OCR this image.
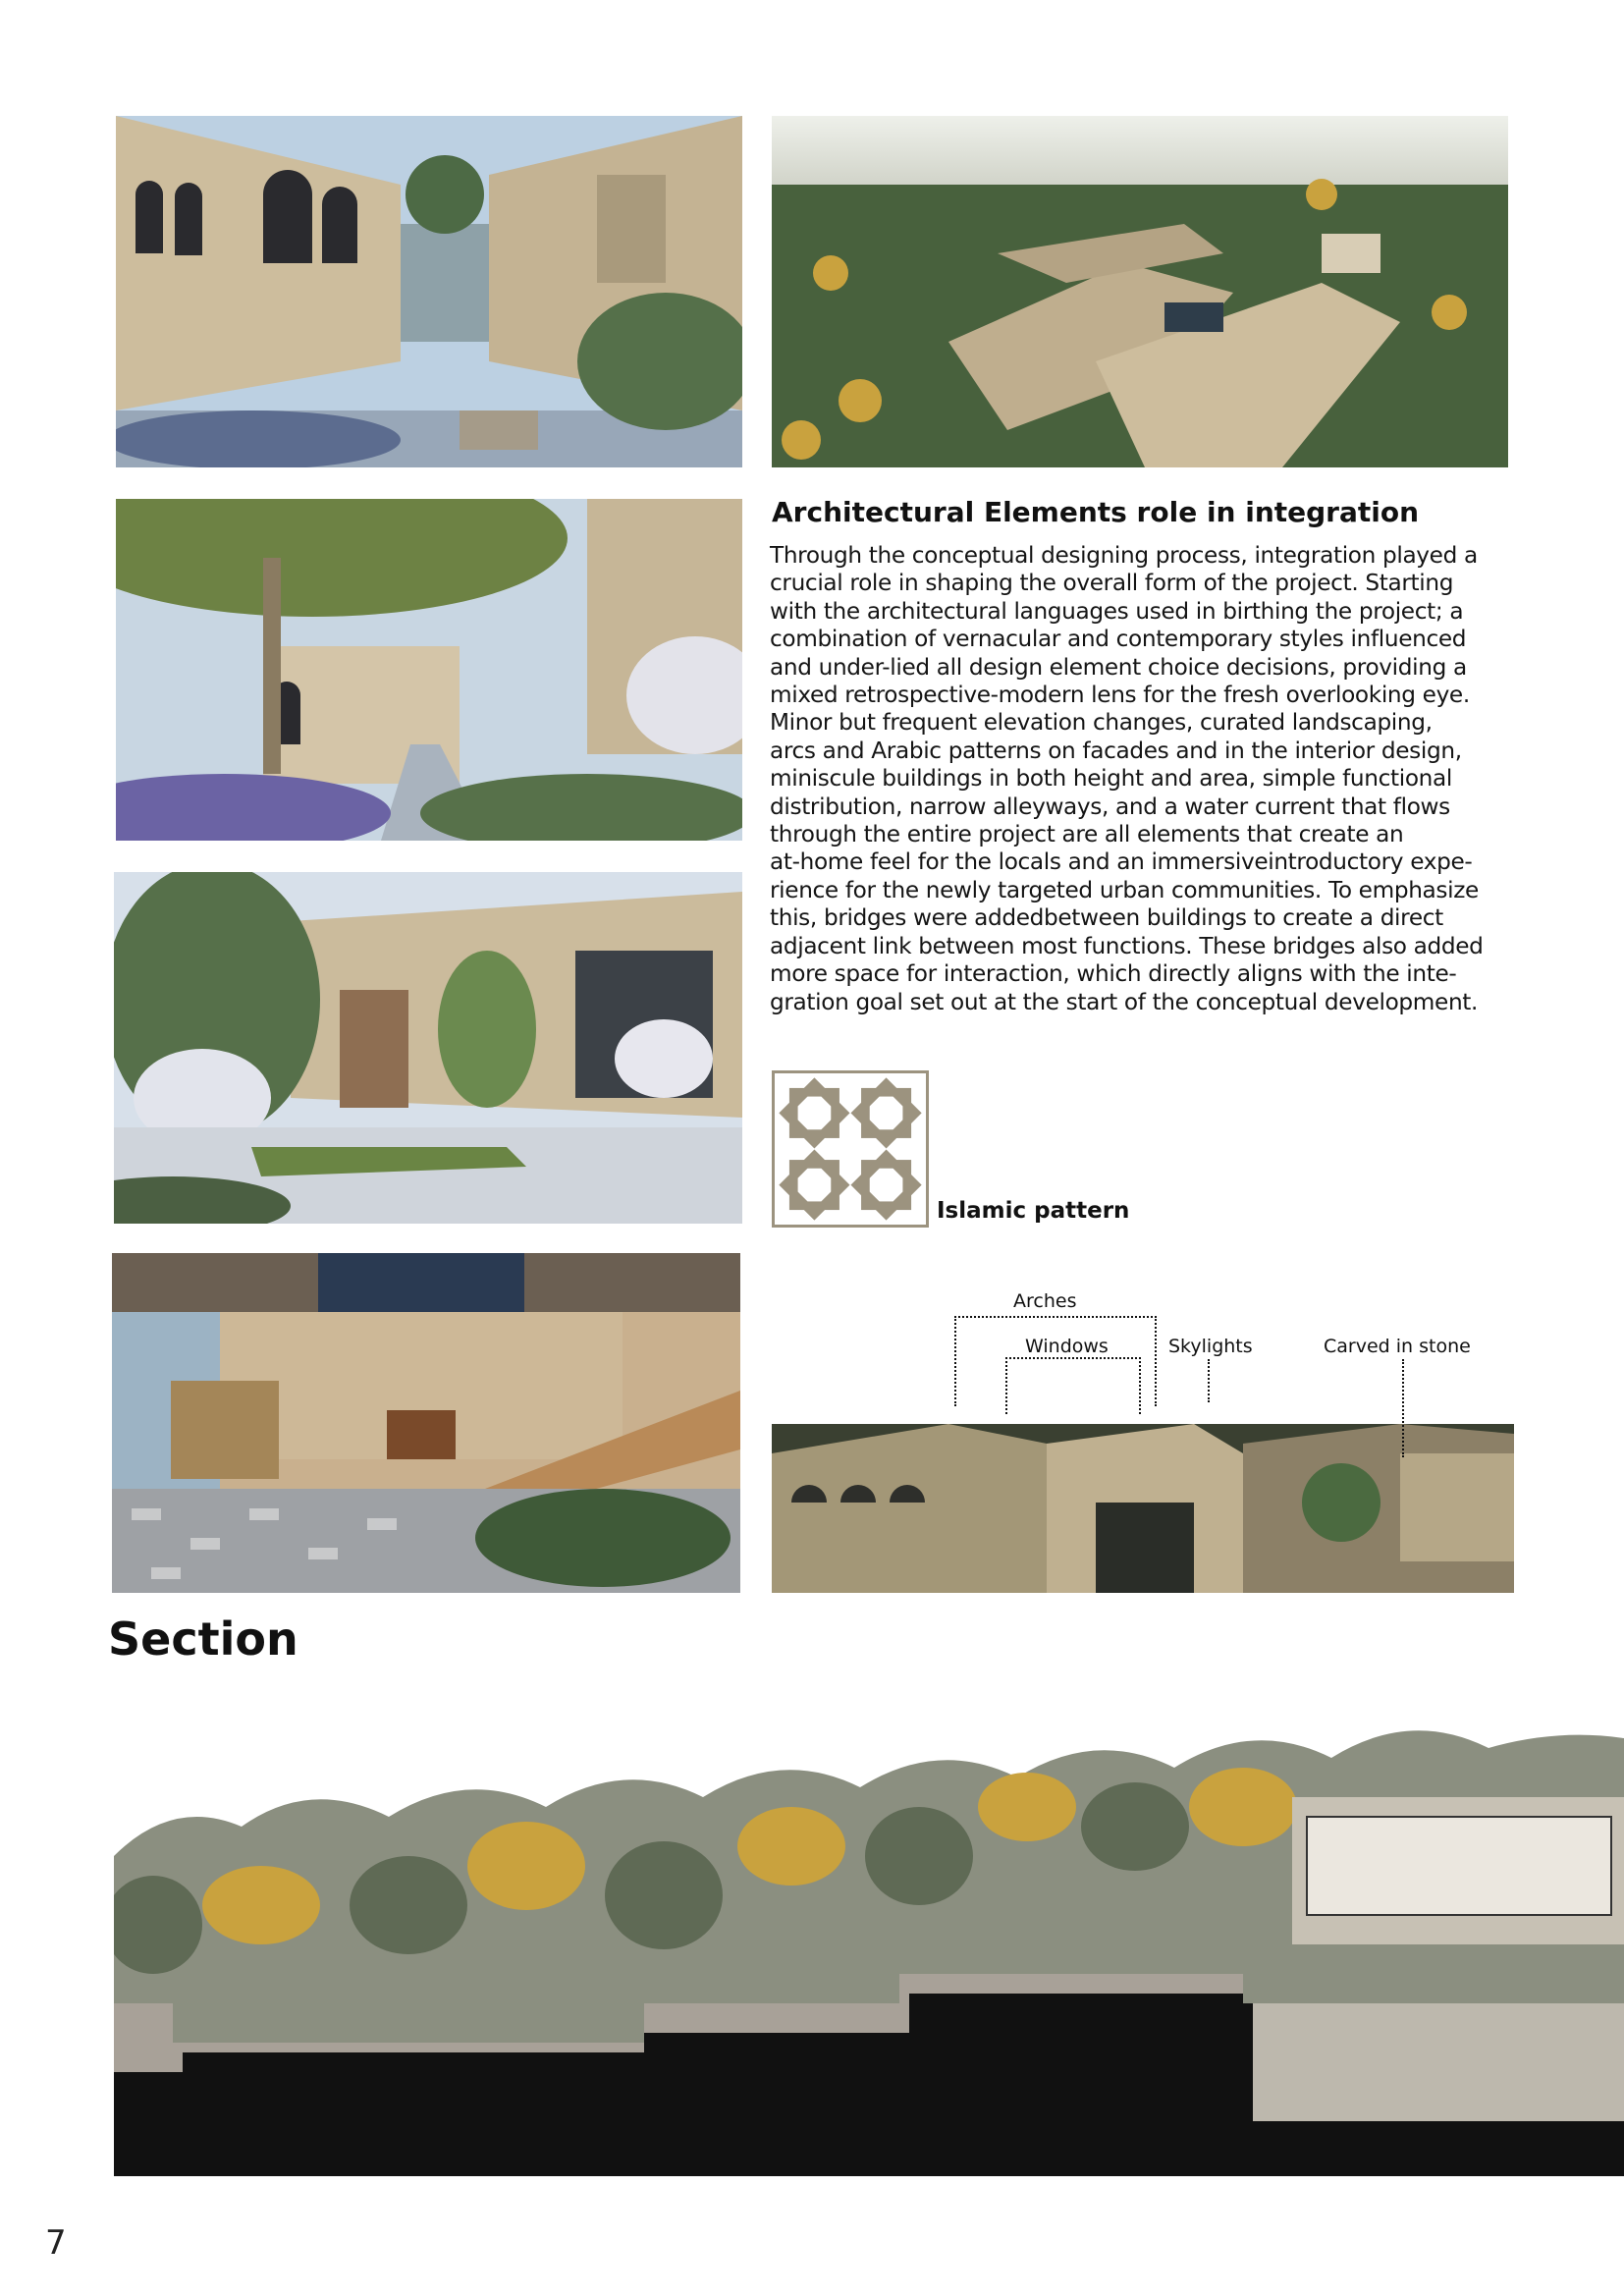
Arches
Windows	Skylights	Carved in stone
Architectural Elements role in integration

Through the conceptual designing process, integration played a
crucial role in shaping the overall form of the project. Starting
with the architectural languages used in birthing the project; a
combination of vernacular and contemporary styles influenced
and under-lied all design element choice decisions, providing a
mixed retrospective-modern lens for the fresh overlooking eye.
Minor but frequent elevation changes, curated landscaping,
arcs and Arabic patterns on facades and in the interior design,
miniscule buildings in both height and area, simple functional
distribution, narrow alleyways, and a water current that flows
through the entire project are all elements that create an
at-home feel for the locals and an immersiveintroductory expe-
rience for the newly targeted urban communities. To emphasize
this, bridges were addedbetween buildings to create a direct
adjacent link between most functions. These bridges also added
more space for interaction, which directly aligns with the inte-
gration goal set out at the start of the conceptual development.

Islamic pattern
Section
7
